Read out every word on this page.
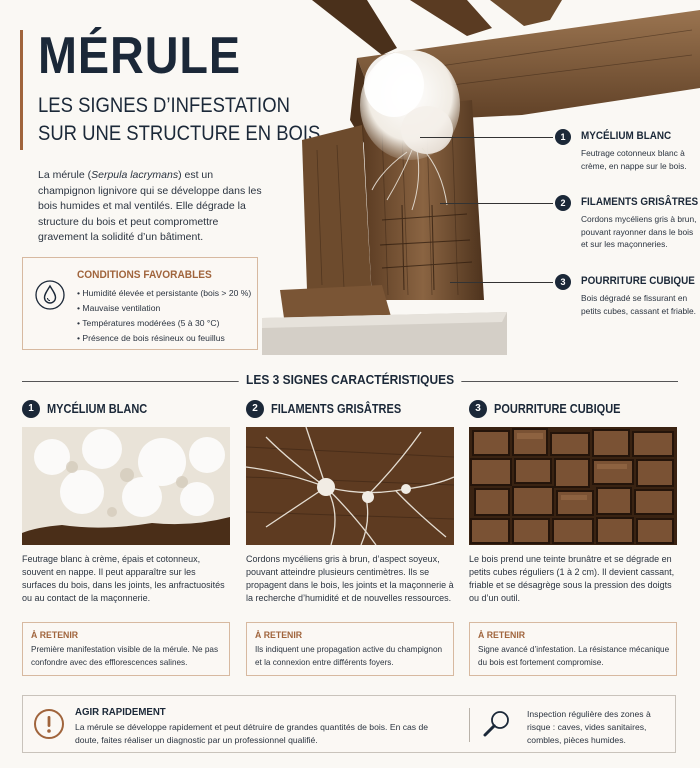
MÉRULE
LES SIGNES D’INFESTATION
SUR UNE STRUCTURE EN BOIS

La mérule (Serpula lacrymans) est un champignon lignivore qui se développe dans les bois humides et mal ventilés. Elle dégrade la structure du bois et peut compromettre gravement la solidité d’un bâtiment.

CONDITIONS FAVORABLES
• Humidité élevée et persistante (bois > 20 %)
• Mauvaise ventilation
• Températures modérées (5 à 30 °C)
• Présence de bois résineux ou feuillus
1	MYCÉLIUM BLANC
Feutrage cotonneux blanc à crème, en nappe sur le bois.
2	FILAMENTS GRISÂTRES
Cordons mycéliens gris à brun, pouvant rayonner dans le bois et sur les maçonneries.
3	POURRITURE CUBIQUE
Bois dégradé se fissurant en petits cubes, cassant et friable.
LES 3 SIGNES CARACTÉRISTIQUES
1	MYCÉLIUM BLANC

Feutrage blanc à crème, épais et cotonneux, souvent en nappe. Il peut apparaître sur les surfaces du bois, dans les joints, les anfractuosités ou au contact de la maçonnerie.

À RETENIR
Première manifestation visible de la mérule. Ne pas confondre avec des efflorescences salines.
2	FILAMENTS GRISÂTRES

Cordons mycéliens gris à brun, d’aspect soyeux, pouvant atteindre plusieurs centimètres. Ils se propagent dans le bois, les joints et la maçonnerie à la recherche d’humidité et de nouvelles ressources.

À RETENIR
Ils indiquent une propagation active du champignon et la connexion entre différents foyers.
3	POURRITURE CUBIQUE

Le bois prend une teinte brunâtre et se dégrade en petits cubes réguliers (1 à 2 cm). Il devient cassant, friable et se désagrège sous la pression des doigts ou d’un outil.

À RETENIR
Signe avancé d’infestation. La résistance mécanique du bois est fortement compromise.
AGIR RAPIDEMENT
La mérule se développe rapidement et peut détruire de grandes quantités de bois. En cas de doute, faites réaliser un diagnostic par un professionnel qualifié.
Inspection régulière des zones à risque : caves, vides sanitaires, combles, pièces humides.
